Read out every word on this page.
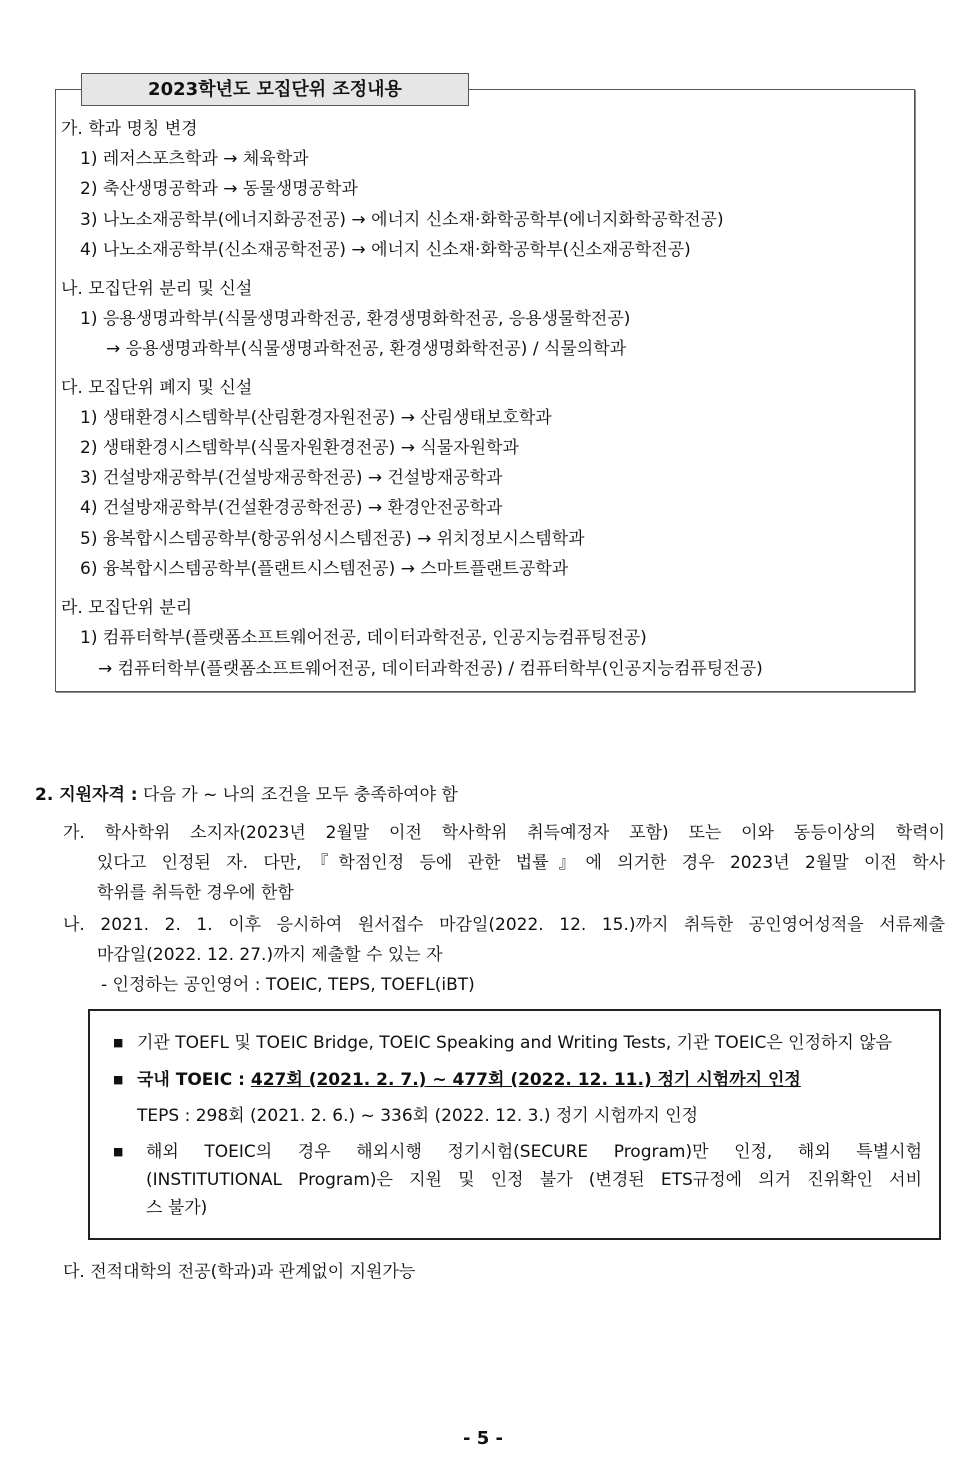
2023학년도 모집단위 조정내용
가. 학과 명칭 변경
1) 레저스포츠학과 → 체육학과
2) 축산생명공학과 → 동물생명공학과
3) 나노소재공학부(에너지화공전공) → 에너지 신소재·화학공학부(에너지화학공학전공)
4) 나노소재공학부(신소재공학전공) → 에너지 신소재·화학공학부(신소재공학전공)
나. 모집단위 분리 및 신설
1) 응용생명과학부(식물생명과학전공, 환경생명화학전공, 응용생물학전공)
→ 응용생명과학부(식물생명과학전공, 환경생명화학전공) / 식물의학과
다. 모집단위 폐지 및 신설
1) 생태환경시스템학부(산림환경자원전공) → 산림생태보호학과
2) 생태환경시스템학부(식물자원환경전공) → 식물자원학과
3) 건설방재공학부(건설방재공학전공) → 건설방재공학과
4) 건설방재공학부(건설환경공학전공) → 환경안전공학과
5) 융복합시스템공학부(항공위성시스템전공) → 위치정보시스템학과
6) 융복합시스템공학부(플랜트시스템전공) → 스마트플랜트공학과
라. 모집단위 분리
1) 컴퓨터학부(플랫폼소프트웨어전공, 데이터과학전공, 인공지능컴퓨팅전공)
→ 컴퓨터학부(플랫폼소프트웨어전공, 데이터과학전공) / 컴퓨터학부(인공지능컴퓨팅전공)
2. 지원자격 : 다음 가 ~ 나의 조건을 모두 충족하여야 함
가. 학사학위 소지자(2023년 2월말 이전 학사학위 취득예정자 포함) 또는 이와 동등이상의 학력이
있다고 인정된 자. 다만,『학점인정 등에 관한 법률』에 의거한 경우 2023년 2월말 이전 학사
학위를 취득한 경우에 한함
나. 2021. 2. 1. 이후 응시하여 원서접수 마감일(2022. 12. 15.)까지 취득한 공인영어성적을 서류제출
마감일(2022. 12. 27.)까지 제출할 수 있는 자
- 인정하는 공인영어 : TOEIC, TEPS, TOEFL(iBT)
■ 기관 TOEFL 및 TOEIC Bridge, TOEIC Speaking and Writing Tests, 기관 TOEIC은 인정하지 않음
■ 국내 TOEIC : 427회 (2021. 2. 7.) ~ 477회 (2022. 12. 11.) 정기 시험까지 인정
TEPS : 298회 (2021. 2. 6.) ~ 336회 (2022. 12. 3.) 정기 시험까지 인정
■ 해외 TOEIC의 경우 해외시행 정기시험(SECURE Program)만 인정, 해외 특별시험
(INSTITUTIONAL Program)은 지원 및 인정 불가 (변경된 ETS규정에 의거 진위확인 서비
스 불가)
다. 전적대학의 전공(학과)과 관계없이 지원가능
- 5 -
